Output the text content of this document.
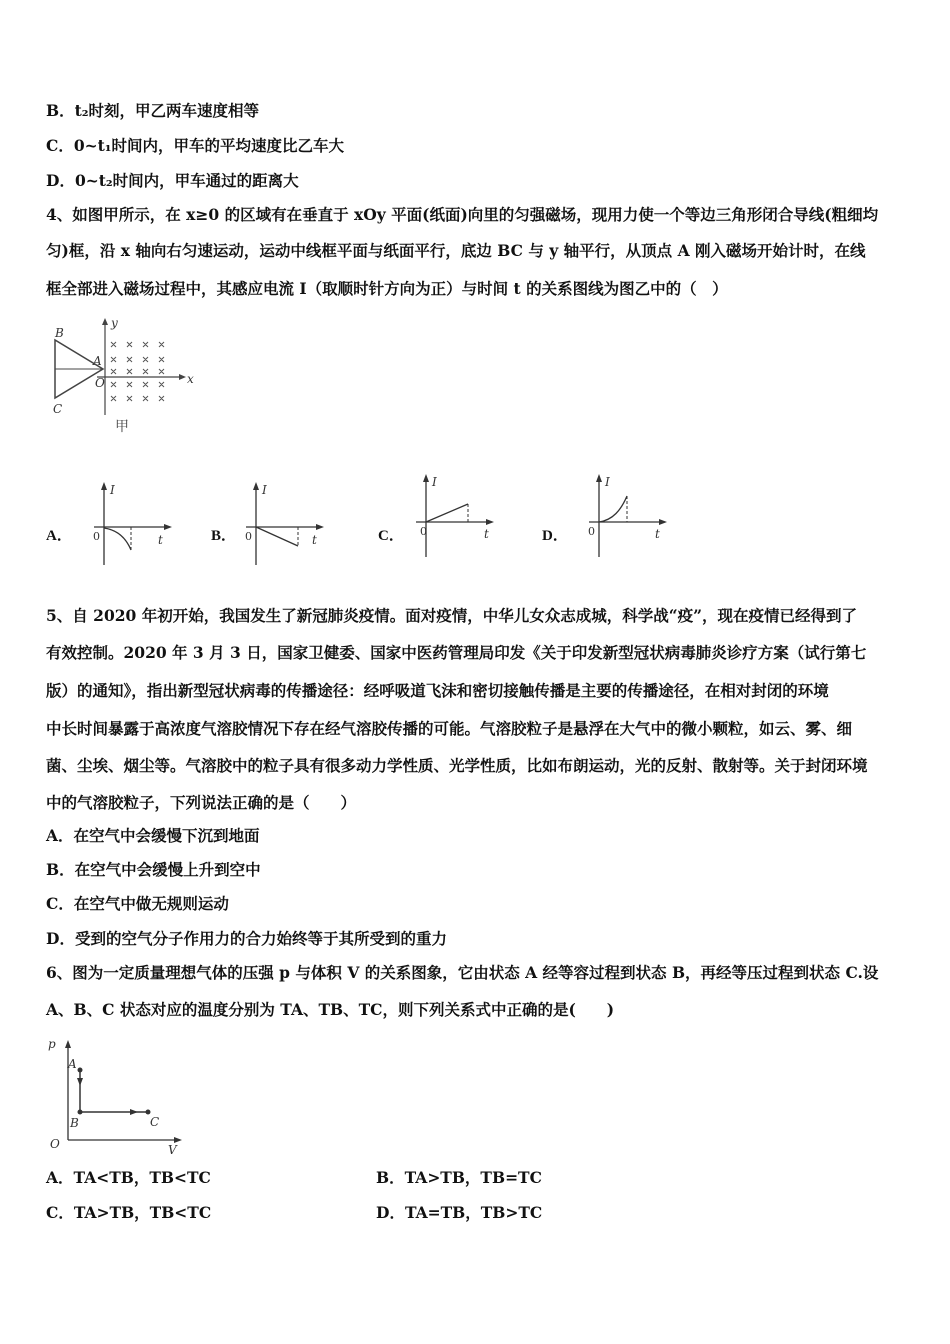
B．t₂时刻，甲乙两车速度相等
C．0~t₁时间内，甲车的平均速度比乙车大
D．0~t₂时间内，甲车通过的距离大
4、如图甲所示，在 x≥0 的区域有在垂直于 xOy 平面(纸面)向里的匀强磁场，现用力使一个等边三角形闭合导线(粗细均
匀)框，沿 x 轴向右匀速运动，运动中线框平面与纸面平行，底边 BC 与 y 轴平行，从顶点 A 刚入磁场开始计时，在线
框全部进入磁场过程中，其感应电流 I（取顺时针方向为正）与时间 t 的关系图线为图乙中的（　）
B
A
O
C
x
y
甲
A．
I
t
0	B．
I
t
0	C．
I
t
0	D．
I
t
0
5、自 2020 年初开始，我国发生了新冠肺炎疫情。面对疫情，中华儿女众志成城，科学战“疫”，现在疫情已经得到了
有效控制。2020 年 3 月 3 日，国家卫健委、国家中医药管理局印发《关于印发新型冠状病毒肺炎诊疗方案（试行第七
版）的通知》，指出新型冠状病毒的传播途径：经呼吸道飞沫和密切接触传播是主要的传播途径，在相对封闭的环境
中长时间暴露于高浓度气溶胶情况下存在经气溶胶传播的可能。气溶胶粒子是悬浮在大气中的微小颗粒，如云、雾、细
菌、尘埃、烟尘等。气溶胶中的粒子具有很多动力学性质、光学性质，比如布朗运动，光的反射、散射等。关于封闭环境
中的气溶胶粒子，下列说法正确的是（　　）
A．在空气中会缓慢下沉到地面
B．在空气中会缓慢上升到空中
C．在空气中做无规则运动
D．受到的空气分子作用力的合力始终等于其所受到的重力
6、图为一定质量理想气体的压强 p 与体积 V 的关系图象，它由状态 A 经等容过程到状态 B，再经等压过程到状态 C.设
A、B、C 状态对应的温度分别为 TA、TB、TC，则下列关系式中正确的是(　　)
p
A
B	C
O	V
A．TA<TB，TB<TC	B．TA>TB，TB=TC
C．TA>TB，TB<TC	D．TA=TB，TB>TC
